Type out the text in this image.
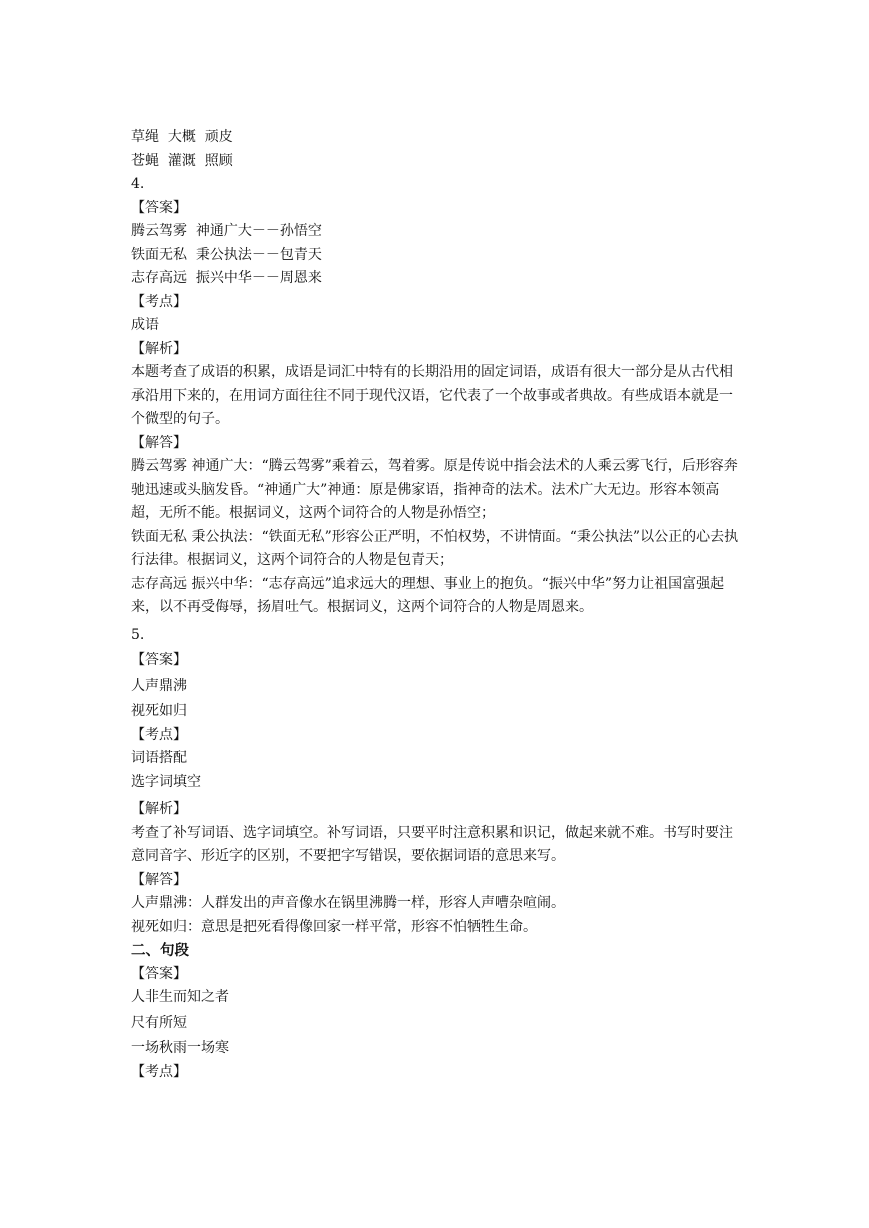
草绳  大概  顽皮
苍蝇  灌溉  照顾
4.
【答案】
腾云驾雾  神通广大－－孙悟空
铁面无私  秉公执法－－包青天
志存高远  振兴中华－－周恩来
【考点】
成语
【解析】
本题考查了成语的积累，成语是词汇中特有的长期沿用的固定词语，成语有很大一部分是从古代相承沿用下来的，在用词方面往往不同于现代汉语，它代表了一个故事或者典故。有些成语本就是一个微型的句子。
【解答】
腾云驾雾 神通广大：“腾云驾雾”乘着云，驾着雾。原是传说中指会法术的人乘云雾飞行，后形容奔驰迅速或头脑发昏。“神通广大”神通：原是佛家语，指神奇的法术。法术广大无边。形容本领高超，无所不能。根据词义，这两个词符合的人物是孙悟空；
铁面无私 秉公执法：“铁面无私”形容公正严明，不怕权势，不讲情面。“秉公执法”以公正的心去执行法律。根据词义，这两个词符合的人物是包青天；
志存高远 振兴中华：“志存高远”追求远大的理想、事业上的抱负。“振兴中华”努力让祖国富强起来，以不再受侮辱，扬眉吐气。根据词义，这两个词符合的人物是周恩来。
5.
【答案】
人声鼎沸
视死如归
【考点】
词语搭配
选字词填空
【解析】
考查了补写词语、选字词填空。补写词语，只要平时注意积累和识记，做起来就不难。书写时要注意同音字、形近字的区别，不要把字写错误，要依据词语的意思来写。
【解答】
人声鼎沸：人群发出的声音像水在锅里沸腾一样，形容人声嘈杂喧闹。
视死如归：意思是把死看得像回家一样平常，形容不怕牺牲生命。
二、句段
【答案】
人非生而知之者
尺有所短
一场秋雨一场寒
【考点】
